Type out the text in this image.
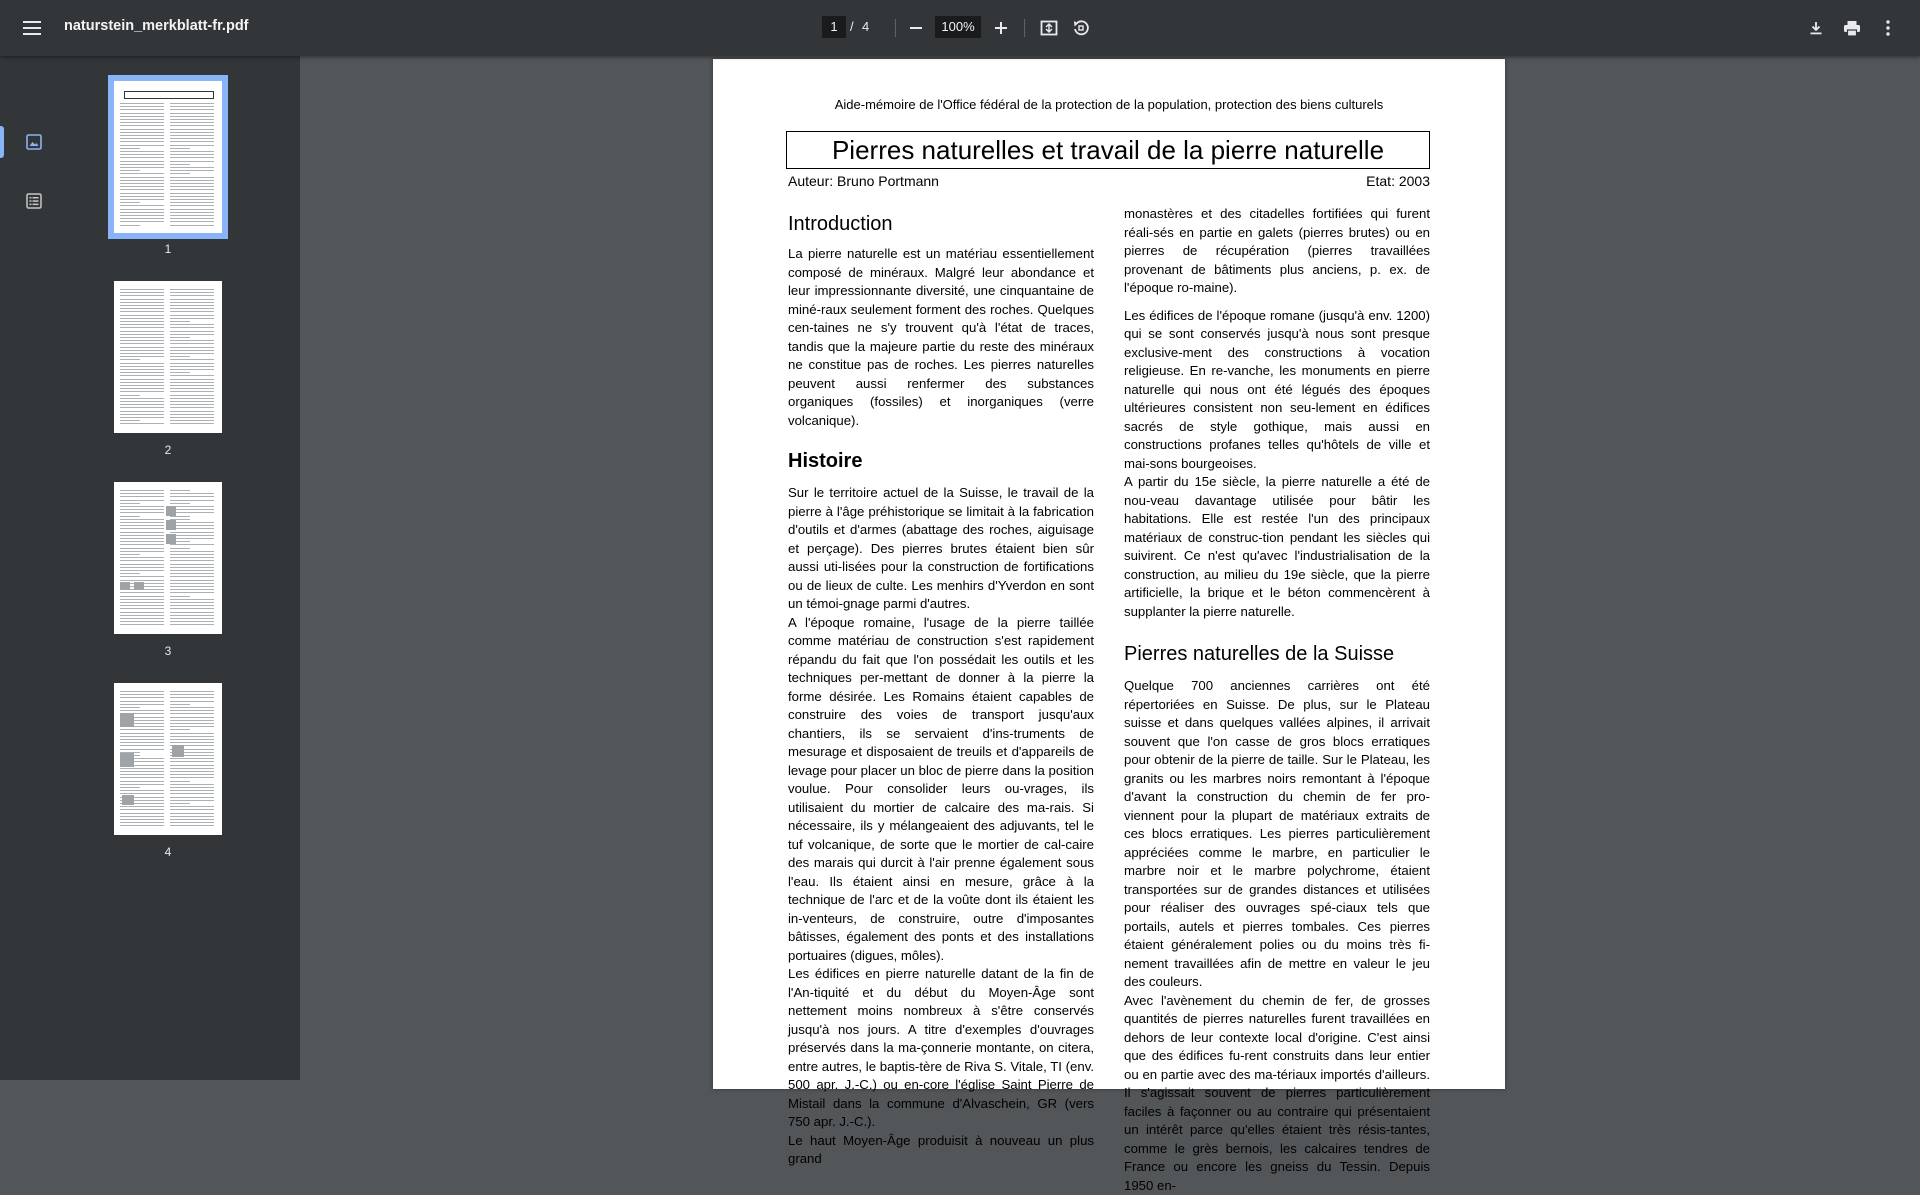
naturstein_merkblatt-fr.pdf
1	/ 4
100%
1
2
3
4
Aide-mémoire de l'Office fédéral de la protection de la population, protection des biens culturels
Pierres naturelles et travail de la pierre naturelle
Auteur: Bruno Portmann	Etat: 2003
Introduction

La pierre naturelle est un matériau essentiellement composé de minéraux. Malgré leur abondance et leur impressionnante diversité, une cinquantaine de miné-raux seulement forment des roches. Quelques cen-taines ne s'y trouvent qu'à l'état de traces, tandis que la majeure partie du reste des minéraux ne constitue pas de roches. Les pierres naturelles peuvent aussi renfermer des substances organiques (fossiles) et inorganiques (verre volcanique).

Histoire

Sur le territoire actuel de la Suisse, le travail de la pierre à l'âge préhistorique se limitait à la fabrication d'outils et d'armes (abattage des roches, aiguisage et perçage). Des pierres brutes étaient bien sûr aussi uti-lisées pour la construction de fortifications ou de lieux de culte. Les menhirs d'Yverdon en sont un témoi-gnage parmi d'autres.

A l'époque romaine, l'usage de la pierre taillée comme matériau de construction s'est rapidement répandu du fait que l'on possédait les outils et les techniques per-mettant de donner à la pierre la forme désirée. Les Romains étaient capables de construire des voies de transport jusqu'aux chantiers, ils se servaient d'ins-truments de mesurage et disposaient de treuils et d'appareils de levage pour placer un bloc de pierre dans la position voulue. Pour consolider leurs ou-vrages, ils utilisaient du mortier de calcaire des ma-rais. Si nécessaire, ils y mélangeaient des adjuvants, tel le tuf volcanique, de sorte que le mortier de cal-caire des marais qui durcit à l'air prenne également sous l'eau. Ils étaient ainsi en mesure, grâce à la technique de l'arc et de la voûte dont ils étaient les in-venteurs, de construire, outre d'imposantes bâtisses, également des ponts et des installations portuaires (digues, môles).

Les édifices en pierre naturelle datant de la fin de l'An-tiquité et du début du Moyen-Âge sont nettement moins nombreux à s'être conservés jusqu'à nos jours. A titre d'exemples d'ouvrages préservés dans la ma-çonnerie montante, on citera, entre autres, le baptis-tère de Riva S. Vitale, TI (env. 500 apr. J.-C.) ou en-core l'église Saint Pierre de Mistail dans la commune d'Alvaschein, GR (vers 750 apr. J.-C.).

Le haut Moyen-Âge produisit à nouveau un plus grand

monastères et des citadelles fortifiées qui furent réali-sés en partie en galets (pierres brutes) ou en pierres de récupération (pierres travaillées provenant de bâtiments plus anciens, p. ex. de l'époque ro-maine).

Les édifices de l'époque romane (jusqu'à env. 1200) qui se sont conservés jusqu'à nous sont presque exclusive-ment des constructions à vocation religieuse. En re-vanche, les monuments en pierre naturelle qui nous ont été légués des époques ultérieures consistent non seu-lement en édifices sacrés de style gothique, mais aussi en constructions profanes telles qu'hôtels de ville et mai-sons bourgeoises.

A partir du 15e siècle, la pierre naturelle a été de nou-veau davantage utilisée pour bâtir les habitations. Elle est restée l'un des principaux matériaux de construc-tion pendant les siècles qui suivirent. Ce n'est qu'avec l'industrialisation de la construction, au milieu du 19e siècle, que la pierre artificielle, la brique et le béton commencèrent à supplanter la pierre naturelle.

Pierres naturelles de la Suisse

Quelque 700 anciennes carrières ont été répertoriées en Suisse. De plus, sur le Plateau suisse et dans quelques vallées alpines, il arrivait souvent que l'on casse de gros blocs erratiques pour obtenir de la pierre de taille. Sur le Plateau, les granits ou les marbres noirs remontant à l'époque d'avant la construction du chemin de fer pro-viennent pour la plupart de matériaux extraits de ces blocs erratiques. Les pierres particulièrement appréciées comme le marbre, en particulier le marbre noir et le marbre polychrome, étaient transportées sur de grandes distances et utilisées pour réaliser des ouvrages spé-ciaux tels que portails, autels et pierres tombales. Ces pierres étaient généralement polies ou du moins très fi-nement travaillées afin de mettre en valeur le jeu des couleurs.

Avec l'avènement du chemin de fer, de grosses quantités de pierres naturelles furent travaillées en dehors de leur contexte local d'origine. C'est ainsi que des édifices fu-rent construits dans leur entier ou en partie avec des ma-tériaux importés d'ailleurs. Il s'agissait souvent de pierres particulièrement faciles à façonner ou au contraire qui présentaient un intérêt parce qu'elles étaient très résis-tantes, comme le grès bernois, les calcaires tendres de France ou encore les gneiss du Tessin. Depuis 1950 en-
